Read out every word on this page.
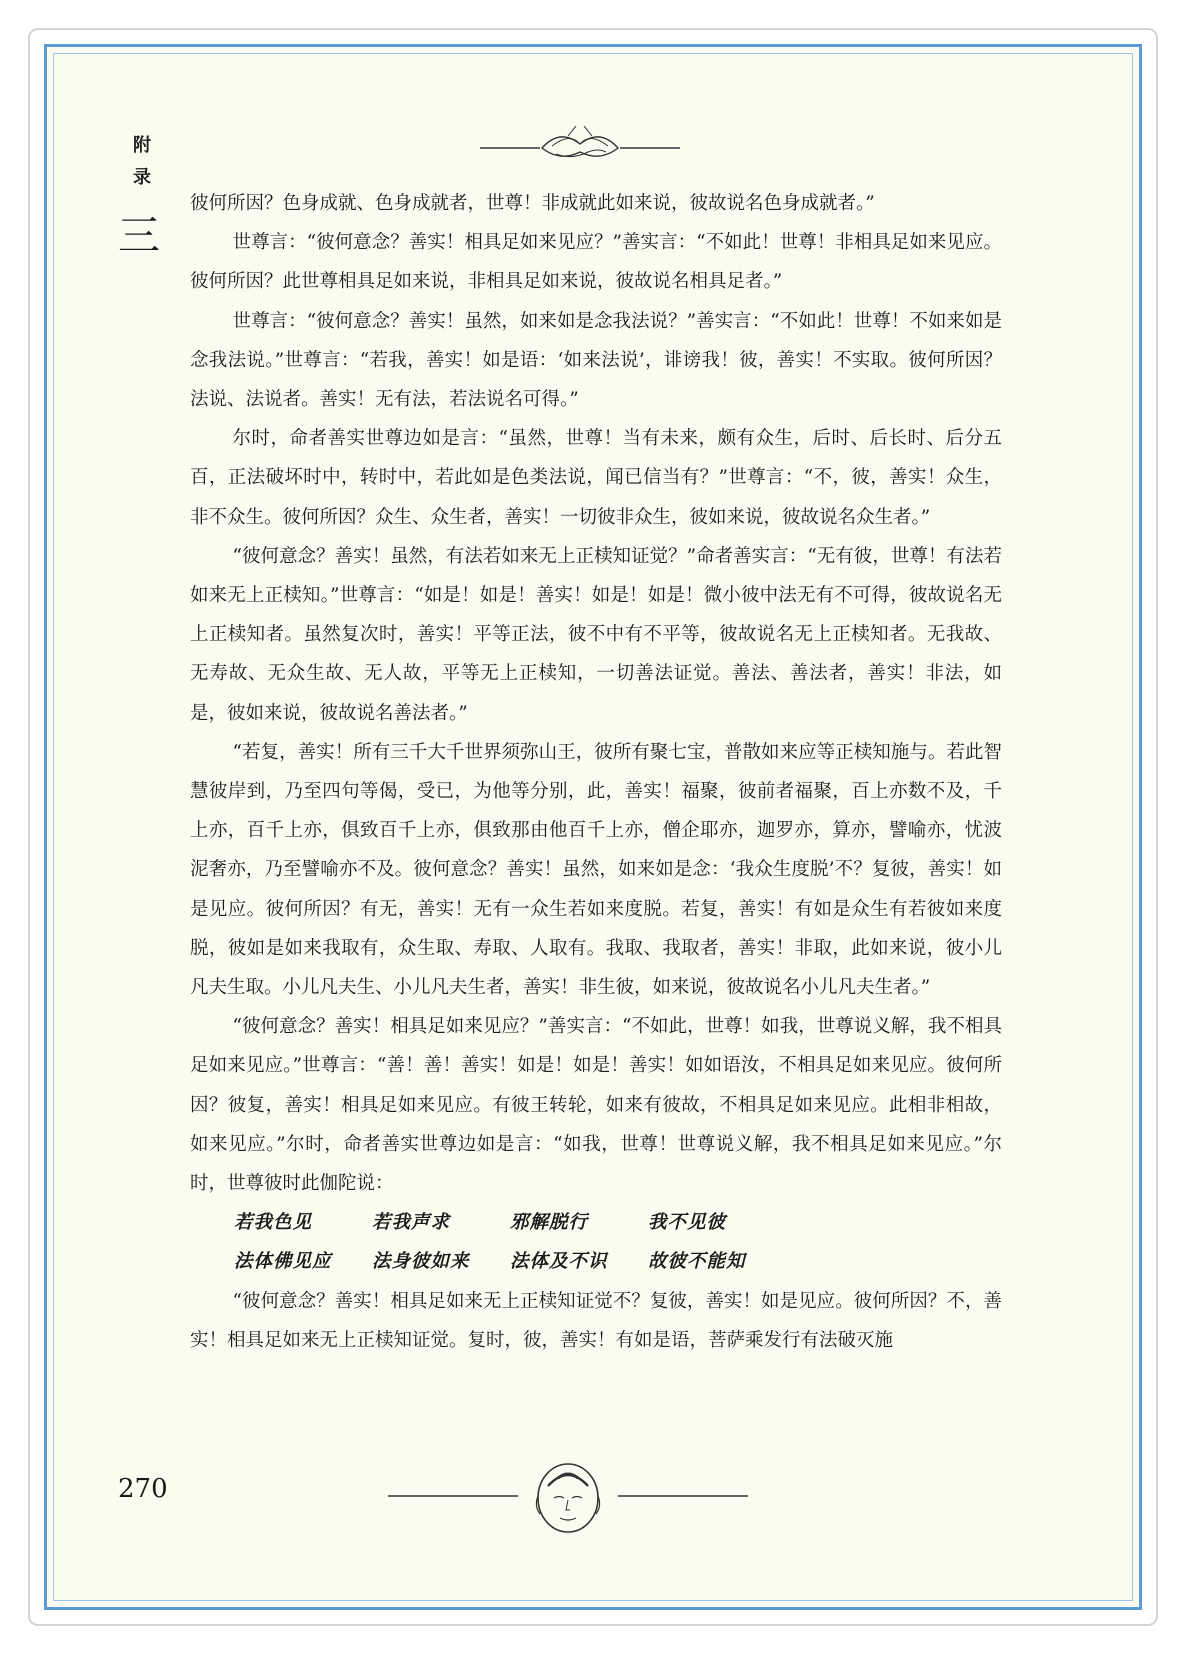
附录
三

彼何所因？色身成就、色身成就者，世尊！非成就此如来说，彼故说名色身成就者。”

世尊言：“彼何意念？善实！相具足如来见应？”善实言：“不如此！世尊！非相具足如来见应。彼何所因？此世尊相具足如来说，非相具足如来说，彼故说名相具足者。”

世尊言：“彼何意念？善实！虽然，如来如是念我法说？”善实言：“不如此！世尊！不如来如是念我法说。”世尊言：“若我，善实！如是语：‘如来法说’，诽谤我！彼，善实！不实取。彼何所因？法说、法说者。善实！无有法，若法说名可得。”

尔时，命者善实世尊边如是言：“虽然，世尊！当有未来，颇有众生，后时、后长时、后分五百，正法破坏时中，转时中，若此如是色类法说，闻已信当有？”世尊言：“不，彼，善实！众生，非不众生。彼何所因？众生、众生者，善实！一切彼非众生，彼如来说，彼故说名众生者。”

“彼何意念？善实！虽然，有法若如来无上正椟知证觉？”命者善实言：“无有彼，世尊！有法若如来无上正椟知。”世尊言：“如是！如是！善实！如是！如是！微小彼中法无有不可得，彼故说名无上正椟知者。虽然复次时，善实！平等正法，彼不中有不平等，彼故说名无上正椟知者。无我故、无寿故、无众生故、无人故，平等无上正椟知，一切善法证觉。善法、善法者，善实！非法，如是，彼如来说，彼故说名善法者。”

“若复，善实！所有三千大千世界须弥山王，彼所有聚七宝，普散如来应等正椟知施与。若此智慧彼岸到，乃至四句等偈，受已，为他等分别，此，善实！福聚，彼前者福聚，百上亦数不及，千上亦，百千上亦，俱致百千上亦，俱致那由他百千上亦，僧企耶亦，迦罗亦，算亦，譬喻亦，忧波泥奢亦，乃至譬喻亦不及。彼何意念？善实！虽然，如来如是念：‘我众生度脱’不？复彼，善实！如是见应。彼何所因？有无，善实！无有一众生若如来度脱。若复，善实！有如是众生有若彼如来度脱，彼如是如来我取有，众生取、寿取、人取有。我取、我取者，善实！非取，此如来说，彼小儿凡夫生取。小儿凡夫生、小儿凡夫生者，善实！非生彼，如来说，彼故说名小儿凡夫生者。”

“彼何意念？善实！相具足如来见应？”善实言：“不如此，世尊！如我，世尊说义解，我不相具足如来见应。”世尊言：“善！善！善实！如是！如是！善实！如如语汝，不相具足如来见应。彼何所因？彼复，善实！相具足如来见应。有彼王转轮，如来有彼故，不相具足如来见应。此相非相故，如来见应。”尔时，命者善实世尊边如是言：“如我，世尊！世尊说义解，我不相具足如来见应。”尔时，世尊彼时此伽陀说：

若我色见	若我声求	邪解脱行	我不见彼
法体佛见应	法身彼如来	法体及不识	故彼不能知

“彼何意念？善实！相具足如来无上正椟知证觉不？复彼，善实！如是见应。彼何所因？不，善实！相具足如来无上正椟知证觉。复时，彼，善实！有如是语，菩萨乘发行有法破灭施

270
